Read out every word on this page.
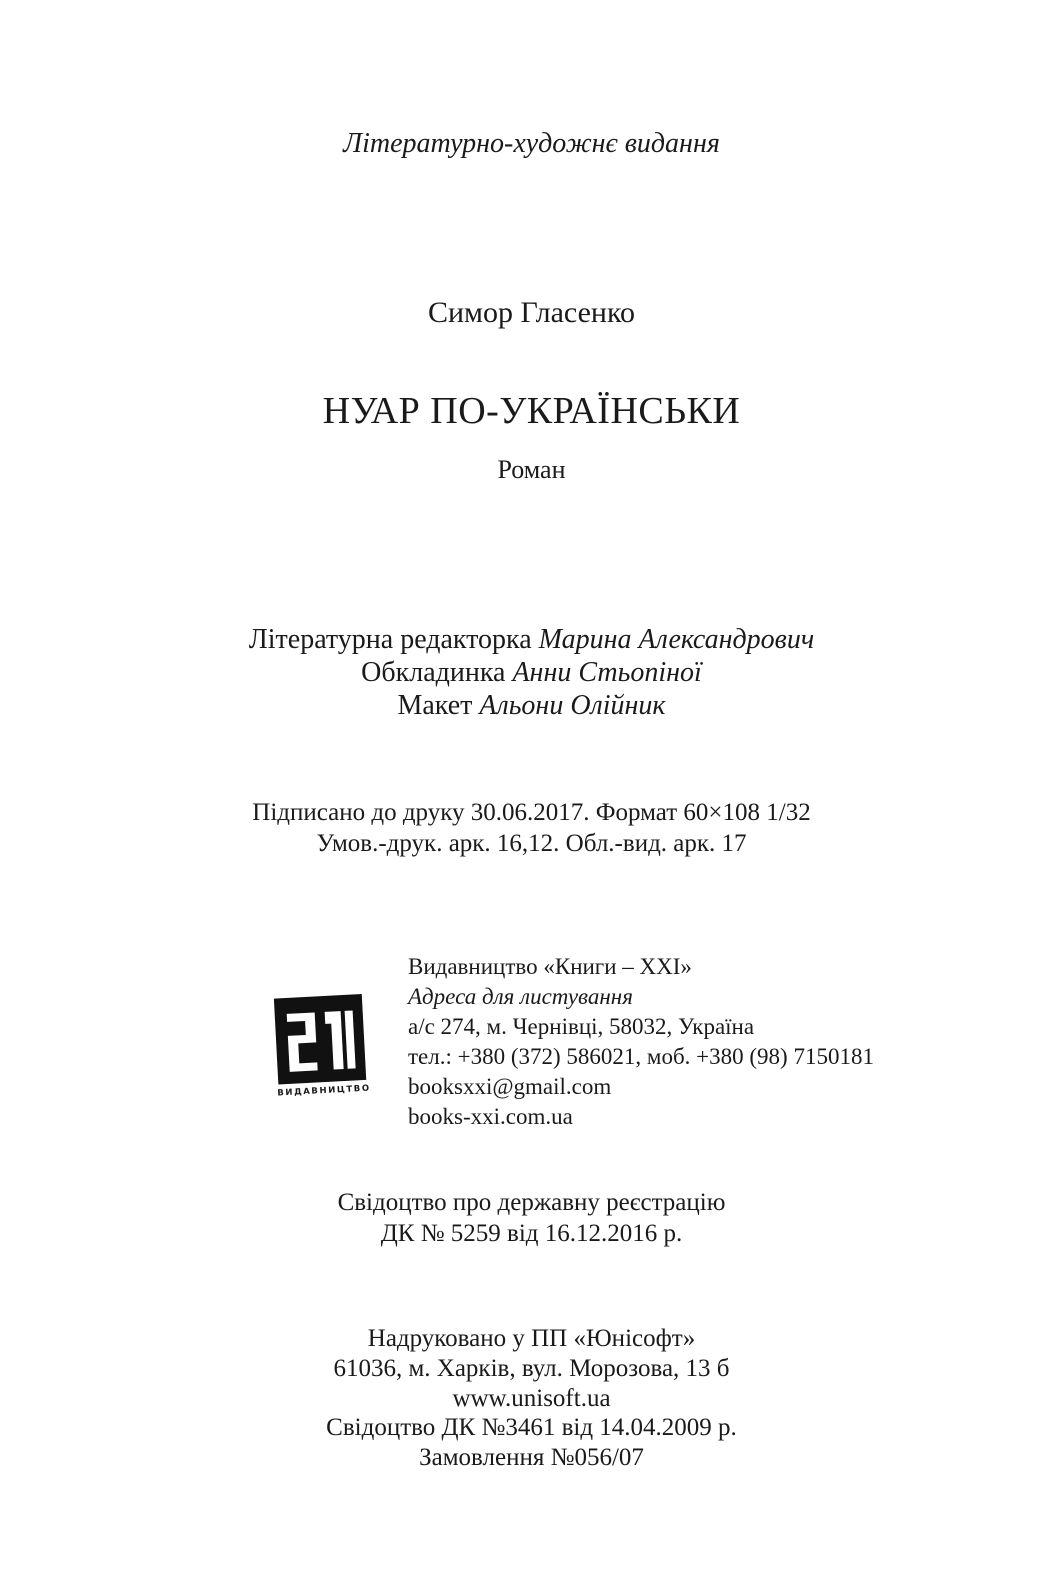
Літературно-художнє видання
Симор Гласенко
НУАР ПО-УКРАЇНСЬКИ
Роман
Літературна редакторка Марина Александрович
Обкладинка Анни Стьопіної
Макет Альони Олійник
Підписано до друку 30.06.2017. Формат 60×108 1/32
Умов.-друк. арк. 16,12. Обл.-вид. арк. 17
ВИДАВНИЦТВО
Видавництво «Книги – XXI»
Адреса для листування
а/с 274, м. Чернівці, 58032, Україна
тел.: +380 (372) 586021, моб. +380 (98) 7150181
booksxxi@gmail.com
books-xxi.com.ua
Свідоцтво про державну реєстрацію
ДК № 5259 від 16.12.2016 р.
Надруковано у ПП «Юнісофт»
61036, м. Харків, вул. Морозова, 13 б
www.unisoft.ua
Свідоцтво ДК №3461 від 14.04.2009 р.
Замовлення №056/07
